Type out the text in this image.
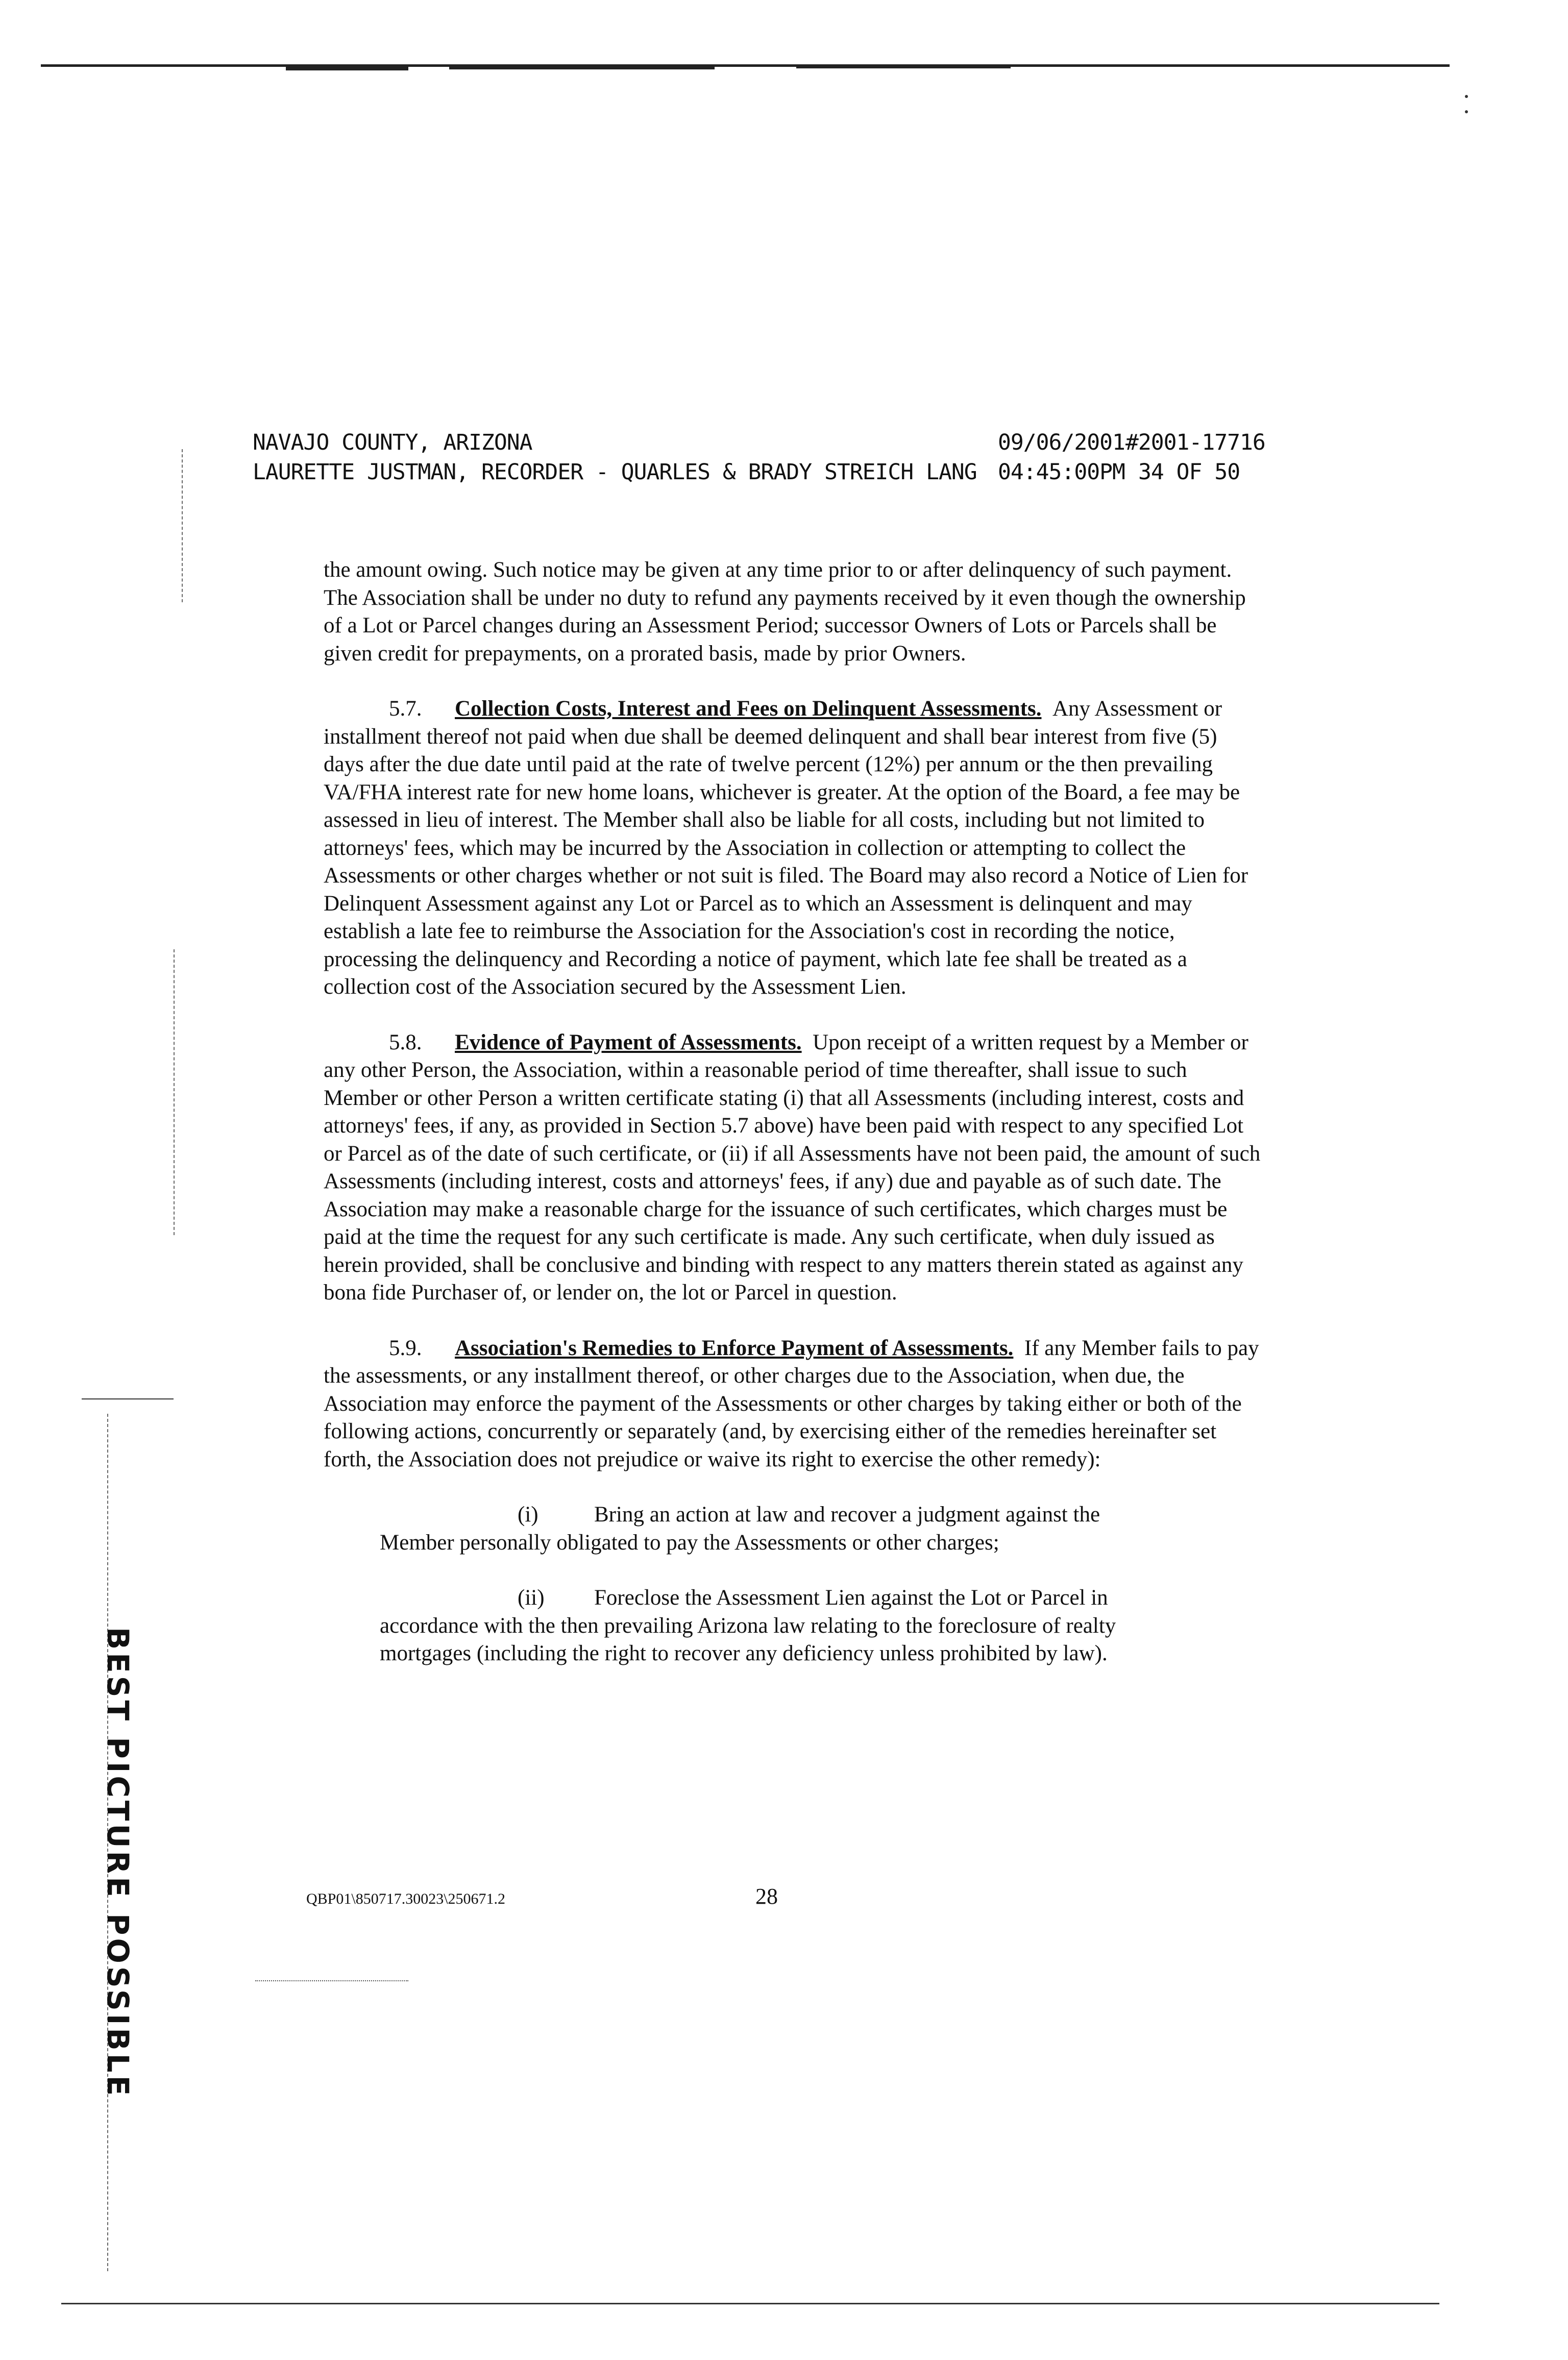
BEST PICTURE POSSIBLE

NAVAJO COUNTY, ARIZONA

	09/06/2001

#2001-17716

LAURETTE JUSTMAN, RECORDER - QUARLES & BRADY STREICH LANG

04:45:00PM

34 OF 50

the amount owing. Such notice may be given at any time prior to or after delinquency of such payment. The Association shall be under no duty to refund any payments received by it even though the ownership of a Lot or Parcel changes during an Assessment Period; successor Owners of Lots or Parcels shall be given credit for prepayments, on a prorated basis, made by prior Owners.

5.7. Collection Costs, Interest and Fees on Delinquent Assessments. Any Assessment or installment thereof not paid when due shall be deemed delinquent and shall bear interest from five (5) days after the due date until paid at the rate of twelve percent (12%) per annum or the then prevailing VA/FHA interest rate for new home loans, whichever is greater. At the option of the Board, a fee may be assessed in lieu of interest. The Member shall also be liable for all costs, including but not limited to attorneys' fees, which may be incurred by the Association in collection or attempting to collect the Assessments or other charges whether or not suit is filed. The Board may also record a Notice of Lien for Delinquent Assessment against any Lot or Parcel as to which an Assessment is delinquent and may establish a late fee to reimburse the Association for the Association's cost in recording the notice, processing the delinquency and Recording a notice of payment, which late fee shall be treated as a collection cost of the Association secured by the Assessment Lien.

5.8. Evidence of Payment of Assessments. Upon receipt of a written request by a Member or any other Person, the Association, within a reasonable period of time thereafter, shall issue to such Member or other Person a written certificate stating (i) that all Assessments (including interest, costs and attorneys' fees, if any, as provided in Section 5.7 above) have been paid with respect to any specified Lot or Parcel as of the date of such certificate, or (ii) if all Assessments have not been paid, the amount of such Assessments (including interest, costs and attorneys' fees, if any) due and payable as of such date. The Association may make a reasonable charge for the issuance of such certificates, which charges must be paid at the time the request for any such certificate is made. Any such certificate, when duly issued as herein provided, shall be conclusive and binding with respect to any matters therein stated as against any bona fide Purchaser of, or lender on, the lot or Parcel in question.

5.9. Association's Remedies to Enforce Payment of Assessments. If any Member fails to pay the assessments, or any installment thereof, or other charges due to the Association, when due, the Association may enforce the payment of the Assessments or other charges by taking either or both of the following actions, concurrently or separately (and, by exercising either of the remedies hereinafter set forth, the Association does not prejudice or waive its right to exercise the other remedy):

(i)	Bring an action at law and recover a judgment against the Member personally obligated to pay the Assessments or other charges;

(ii) Foreclose the Assessment Lien against the Lot or Parcel in accordance with the then prevailing Arizona law relating to the foreclosure of realty mortgages (including the right to recover any deficiency unless prohibited by law).

QBP01\850717.30023\250671.2	28
